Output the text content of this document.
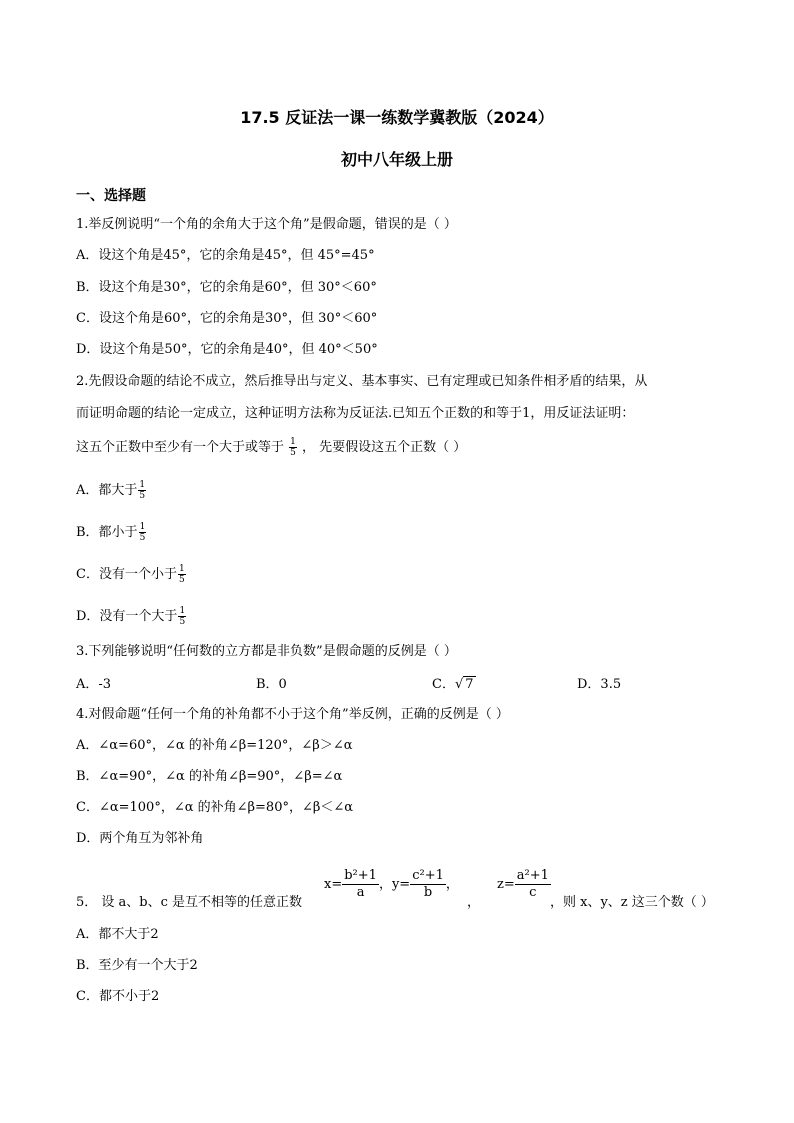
17.5 反证法一课一练数学冀教版（2024）
初中八年级上册
一、选择题
1.举反例说明“一个角的余角大于这个角”是假命题，错误的是（ ）
A．设这个角是45°，它的余角是45°，但 45°=45°
B．设这个角是30°，它的余角是60°，但 30°＜60°
C．设这个角是60°，它的余角是30°，但 30°＜60°
D．设这个角是50°，它的余角是40°，但 40°＜50°
2.先假设命题的结论不成立，然后推导出与定义、基本事实、已有定理或已知条件相矛盾的结果，从
而证明命题的结论一定成立，这种证明方法称为反证法.已知五个正数的和等于1，用反证法证明：
这五个正数中至少有一个大于或等于 $\frac{1}{5}$ ， 先要假设这五个正数（ ）
A．都大于 $\frac{1}{5}$
B．都小于 $\frac{1}{5}$
C．没有一个小于 $\frac{1}{5}$
D．没有一个大于 $\frac{1}{5}$
3.下列能够说明“任何数的立方都是非负数”是假命题的反例是（ ）
A．-3	B．0	C．√ 7	D．3.5
4.对假命题“任何一个角的补角都不小于这个角”举反例，正确的反例是（ ）
A．∠α=60°，∠α 的补角∠β=120°，∠β＞∠α
B．∠α=90°，∠α 的补角∠β=90°，∠β=∠α
C．∠α=100°，∠α 的补角∠β=80°，∠β＜∠α
D．两个角互为邻补角
5． 设 a、b、c 是互不相等的任意正数
$x= \frac{\text{b²+1}}{a}$ ，$y= \frac{\text{c²+1}}{b}$ ，
，
$z= \frac{\text{a²+1}}{c}$
，则 x、y、z 这三个数（ ）
A．都不大于2
B．至少有一个大于2
C．都不小于2
